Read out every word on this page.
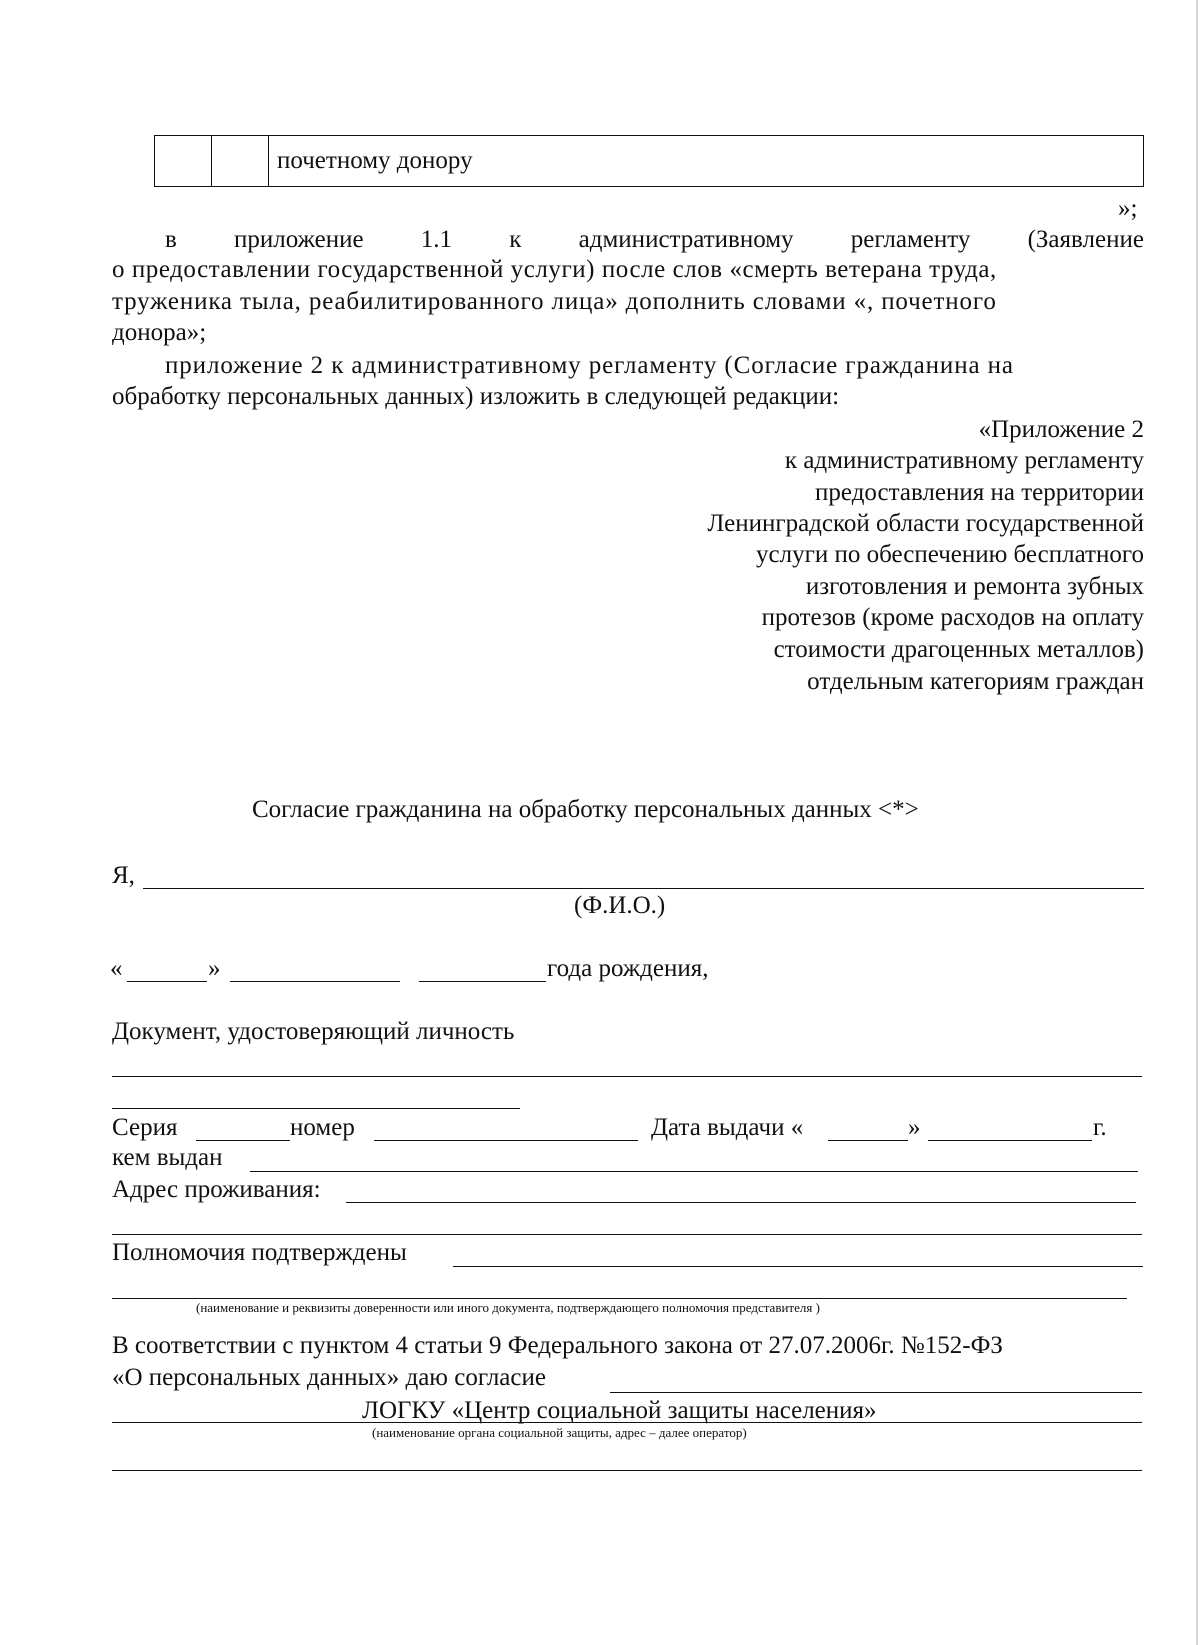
почетному донору
»;
в приложение 1.1 к административному регламенту (Заявление
о предоставлении государственной услуги) после слов «смерть ветерана труда,
труженика тыла, реабилитированного лица» дополнить словами «, почетного
донора»;
приложение 2 к административному регламенту (Согласие гражданина на
обработку персональных данных) изложить в следующей редакции:
«Приложение 2
к административному регламенту
предоставления на территории
Ленинградской области государственной
услуги по обеспечению бесплатного
изготовления и ремонта зубных
протезов (кроме расходов на оплату
стоимости драгоценных металлов)
отдельным категориям граждан
Согласие гражданина на обработку персональных данных <*>
Я,
(Ф.И.О.)
«	»	года рождения,
Документ, удостоверяющий личность
Серия	номер	Дата выдачи «	»	г.
кем выдан
Адрес проживания:
Полномочия подтверждены
(наименование и реквизиты доверенности или иного документа, подтверждающего полномочия представителя )
В соответствии с пунктом 4 статьи 9 Федерального закона от 27.07.2006г. №152-ФЗ
«О персональных данных» даю согласие
ЛОГКУ «Центр социальной защиты населения»
(наименование органа социальной защиты, адрес – далее оператор)
